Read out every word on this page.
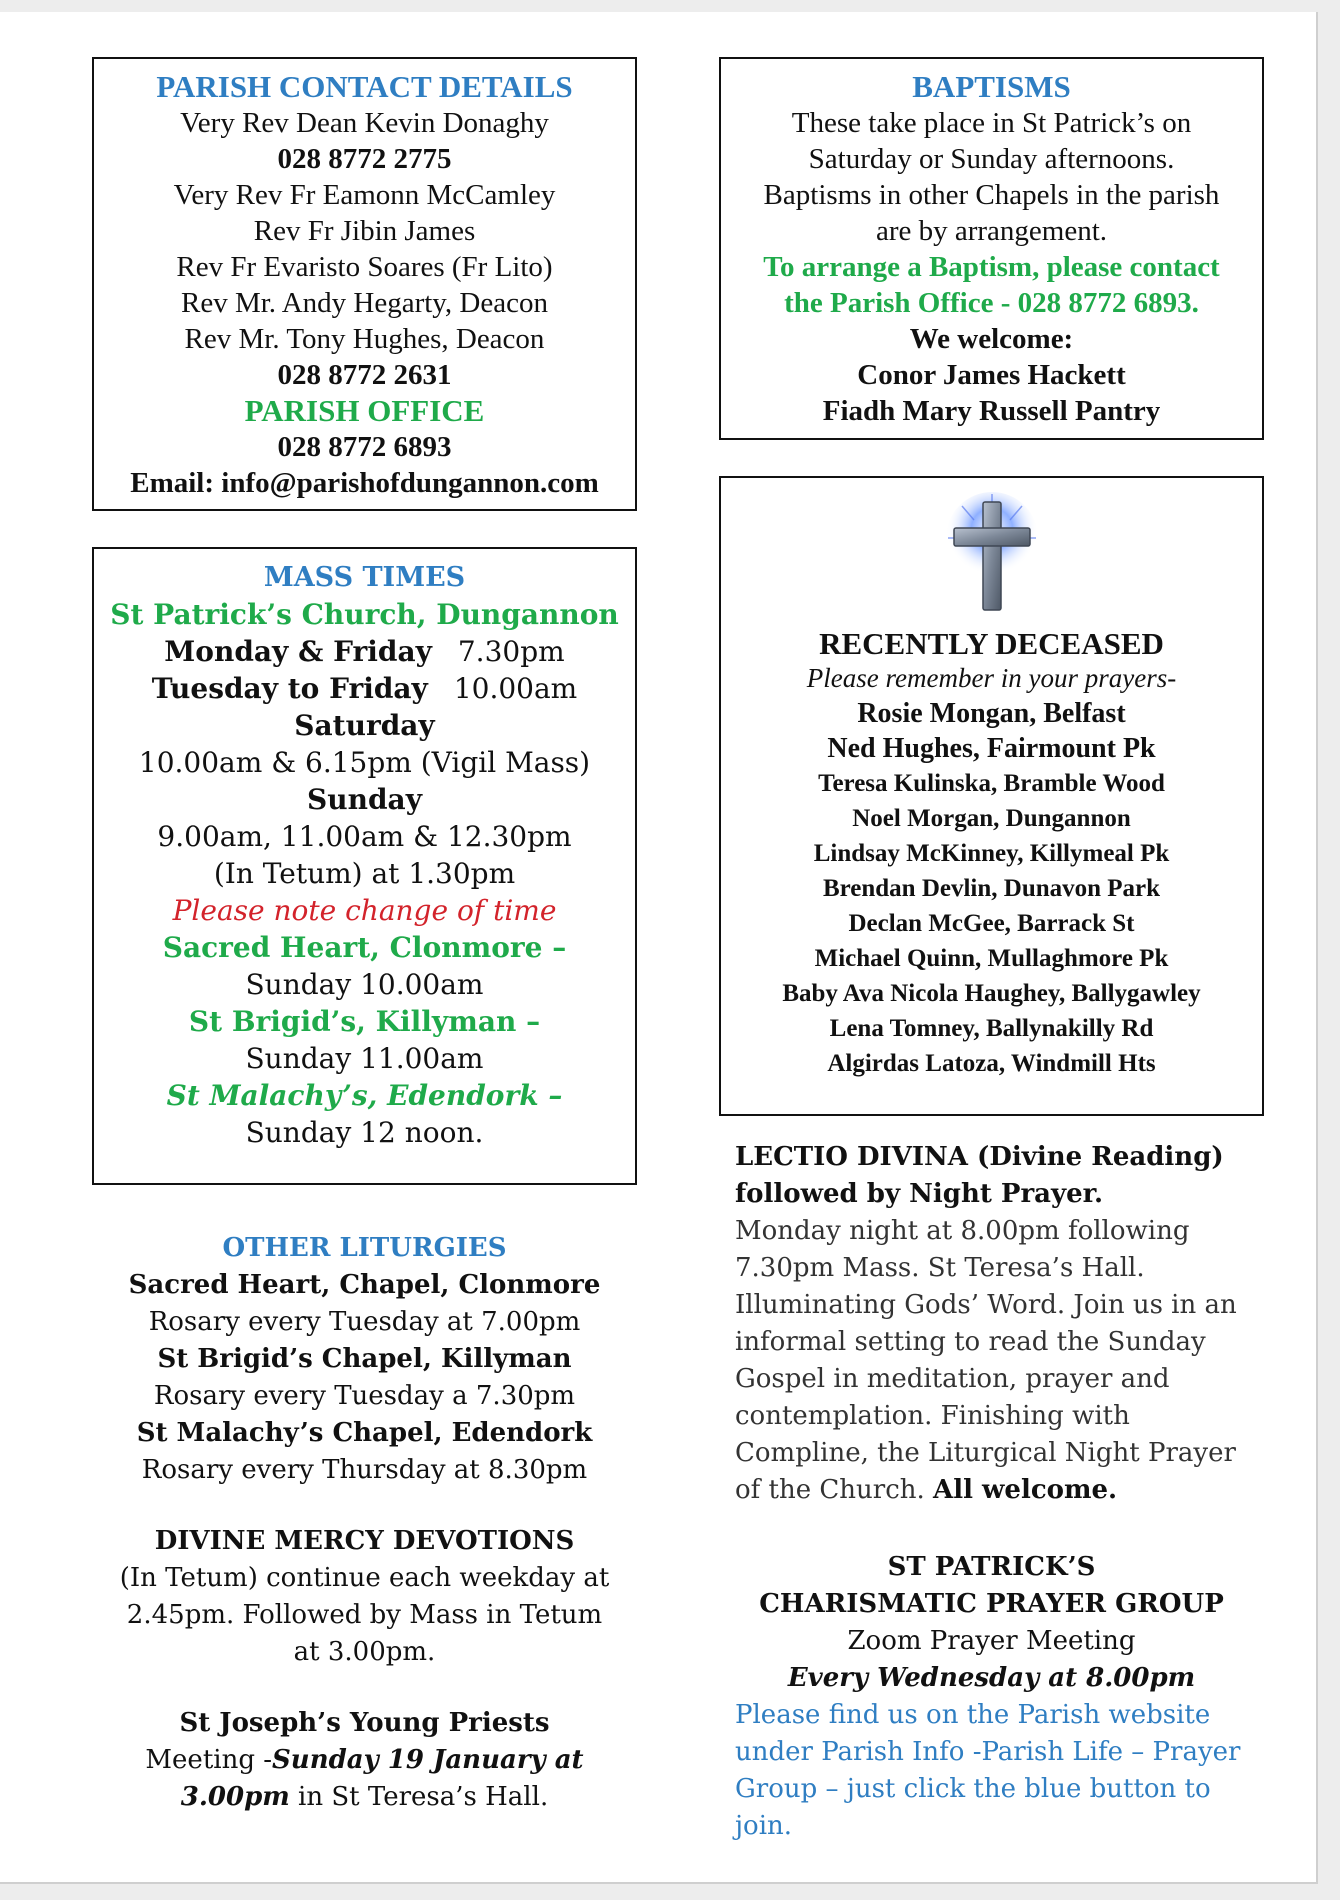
PARISH CONTACT DETAILS
Very Rev Dean Kevin Donaghy
028 8772 2775
Very Rev Fr Eamonn McCamley
Rev Fr Jibin James
Rev Fr Evaristo Soares (Fr Lito)
Rev Mr. Andy Hegarty, Deacon
Rev Mr. Tony Hughes, Deacon
028 8772 2631
PARISH OFFICE
028 8772 6893
Email: info@parishofdungannon.com
MASS TIMES
St Patrick’s Church, Dungannon
Monday & Friday 7.30pm
Tuesday to Friday 10.00am
Saturday
10.00am & 6.15pm (Vigil Mass)
Sunday
9.00am, 11.00am & 12.30pm
(In Tetum) at 1.30pm
Please note change of time
Sacred Heart, Clonmore –
Sunday 10.00am
St Brigid’s, Killyman –
Sunday 11.00am
St Malachy’s, Edendork –
Sunday 12 noon.
OTHER LITURGIES
Sacred Heart, Chapel, Clonmore
Rosary every Tuesday at 7.00pm
St Brigid’s Chapel, Killyman
Rosary every Tuesday a 7.30pm
St Malachy’s Chapel, Edendork
Rosary every Thursday at 8.30pm
DIVINE MERCY DEVOTIONS
(In Tetum) continue each weekday at
2.45pm. Followed by Mass in Tetum
at 3.00pm.
St Joseph’s Young Priests
Meeting -Sunday 19 January at
3.00pm in St Teresa’s Hall.
BAPTISMS
These take place in St Patrick’s on
Saturday or Sunday afternoons.
Baptisms in other Chapels in the parish
are by arrangement.
To arrange a Baptism, please contact
the Parish Office - 028 8772 6893.
We welcome:
Conor James Hackett
Fiadh Mary Russell Pantry
RECENTLY DECEASED
Please remember in your prayers-
Rosie Mongan, Belfast
Ned Hughes, Fairmount Pk
Teresa Kulinska, Bramble Wood
Noel Morgan, Dungannon
Lindsay McKinney, Killymeal Pk
Brendan Devlin, Dunavon Park
Declan McGee, Barrack St
Michael Quinn, Mullaghmore Pk
Baby Ava Nicola Haughey, Ballygawley
Lena Tomney, Ballynakilly Rd
Algirdas Latoza, Windmill Hts
LECTIO DIVINA (Divine Reading)
followed by Night Prayer.
Monday night at 8.00pm following
7.30pm Mass. St Teresa’s Hall.
Illuminating Gods’ Word. Join us in an
informal setting to read the Sunday
Gospel in meditation, prayer and
contemplation. Finishing with
Compline, the Liturgical Night Prayer
of the Church. All welcome.
ST PATRICK’S
CHARISMATIC PRAYER GROUP
Zoom Prayer Meeting
Every Wednesday at 8.00pm
Please find us on the Parish website
under Parish Info -Parish Life – Prayer
Group – just click the blue button to
join.
